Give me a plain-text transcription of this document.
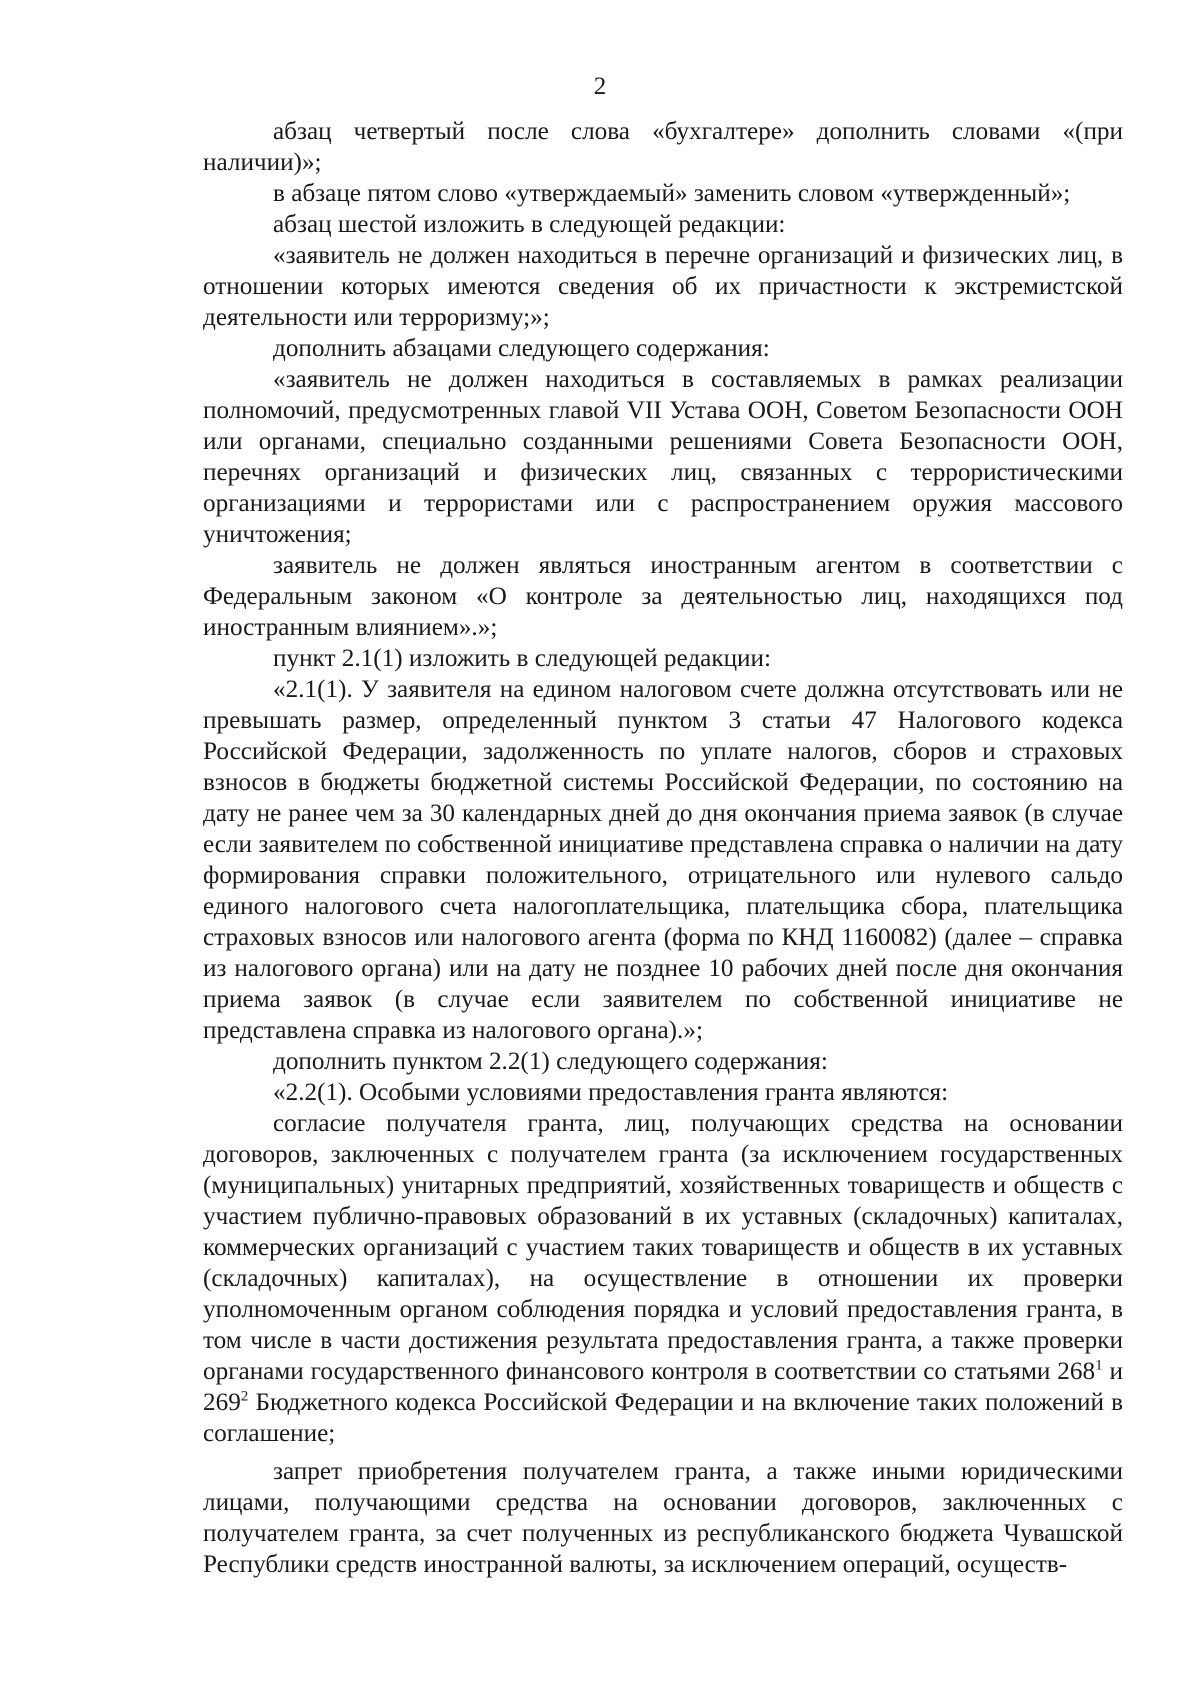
2

абзац четвертый после слова «бухгалтере» дополнить словами «(при наличии)»;

в абзаце пятом слово «утверждаемый» заменить словом «утвержденный»;

абзац шестой изложить в следующей редакции:

«заявитель не должен находиться в перечне организаций и физических лиц, в отношении которых имеются сведения об их причастности к экстремистской деятельности или терроризму;»;

дополнить абзацами следующего содержания:

«заявитель не должен находиться в составляемых в рамках реализации полномочий, предусмотренных главой VII Устава ООН, Советом Безопасности ООН или органами, специально созданными решениями Совета Безопасности ООН, перечнях организаций и физических лиц, связанных с террористическими организациями и террористами или с распространением оружия массового уничтожения;

заявитель не должен являться иностранным агентом в соответствии с Федеральным законом «О контроле за деятельностью лиц, находящихся под иностранным влиянием».»;

пункт 2.1(1) изложить в следующей редакции:

«2.1(1). У заявителя на едином налоговом счете должна отсутствовать или не превышать размер, определенный пунктом 3 статьи 47 Налогового кодекса Российской Федерации, задолженность по уплате налогов, сборов и страховых взносов в бюджеты бюджетной системы Российской Федерации, по состоянию на дату не ранее чем за 30 календарных дней до дня окончания приема заявок (в случае если заявителем по собственной инициативе представлена справка о наличии на дату формирования справки положительного, отрицательного или нулевого сальдо единого налогового счета налогоплательщика, плательщика сбора, плательщика страховых взносов или налогового агента (форма по КНД 1160082) (далее – справка из налогового органа) или на дату не позднее 10 рабочих дней после дня окончания приема заявок (в случае если заявителем по собственной инициативе не представлена справка из налогового органа).»;

дополнить пунктом 2.2(1) следующего содержания:

«2.2(1). Особыми условиями предоставления гранта являются:

согласие получателя гранта, лиц, получающих средства на основании договоров, заключенных с получателем гранта (за исключением государственных (муниципальных) унитарных предприятий, хозяйственных товариществ и обществ с участием публично-правовых образований в их уставных (складочных) капиталах, коммерческих организаций с участием таких товариществ и обществ в их уставных (складочных) капиталах), на осуществление в отношении их проверки уполномоченным органом соблюдения порядка и условий предоставления гранта, в том числе в части достижения результата предоставления гранта, а также проверки органами государственного финансового контроля в соответствии со статьями $268^1$ и $269^2$ Бюджетного кодекса Российской Федерации и на включение таких положений в соглашение;

запрет приобретения получателем гранта, а также иными юридическими лицами, получающими средства на основании договоров, заключенных с получателем гранта, за счет полученных из республиканского бюджета Чувашской Республики средств иностранной валюты, за исключением операций, осуществ-
